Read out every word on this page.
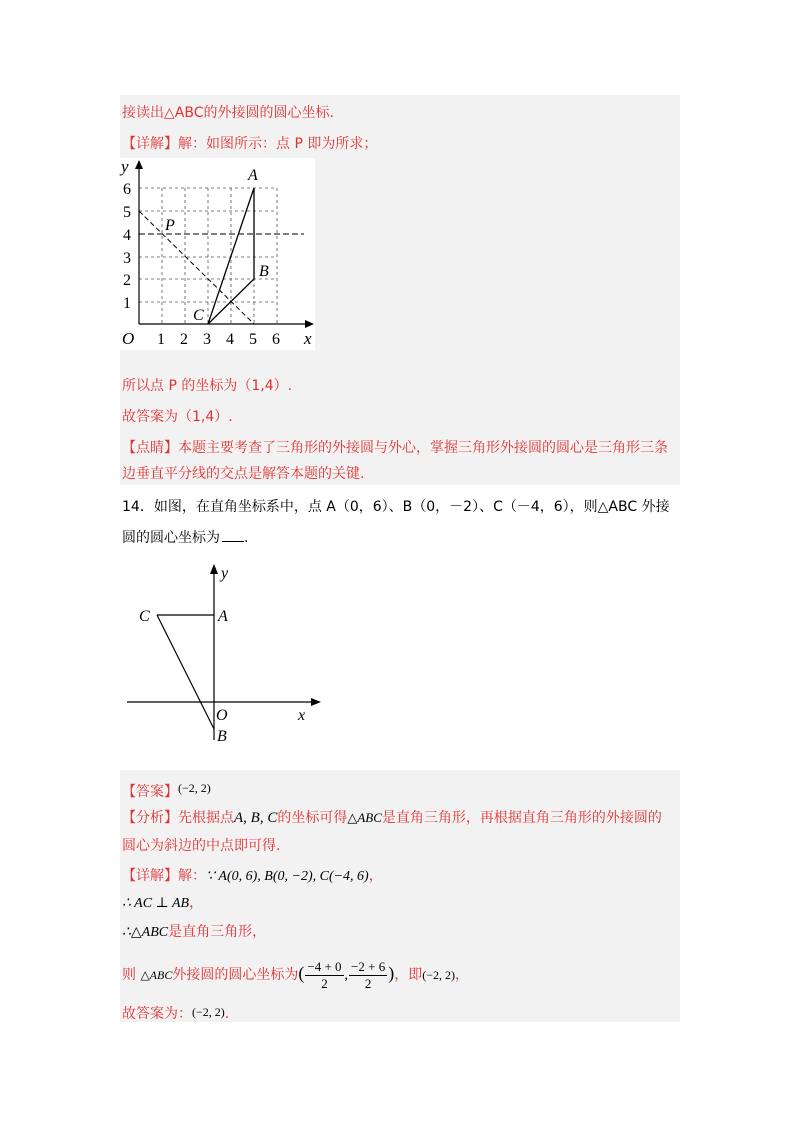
接读出△ABC的外接圆的圆心坐标.
【详解】解：如图所示：点 P 即为所求；
y
x
O 1 2 3 4 5 6
1
2
3
4
5
6
A
B
C
P
所以点 P 的坐标为（1,4）.
故答案为（1,4）.
【点睛】本题主要考查了三角形的外接圆与外心，掌握三角形外接圆的圆心是三角形三条
边垂直平分线的交点是解答本题的关键.
14．如图，在直角坐标系中，点 A（0，6）、B（0，－2）、C（－4，6），则△ABC 外接
圆的圆心坐标为 .
C	A
O
B
x
y
【答案】(−2, 2)
【分析】先根据点A, B, C的坐标可得△ABC是直角三角形，再根据直角三角形的外接圆的
圆心为斜边的中点即可得.
【详解】解：∵ A(0, 6), B(0, −2), C(−4, 6)，
∴ AC ⊥ AB，
∴△ABC是直角三角形，
则 △ABC外接圆的圆心坐标为( $\frac{-4 + 0}{2}$ , $\frac{-2 + 6}{2}$ )，即(−2, 2)，
故答案为：(−2, 2).
